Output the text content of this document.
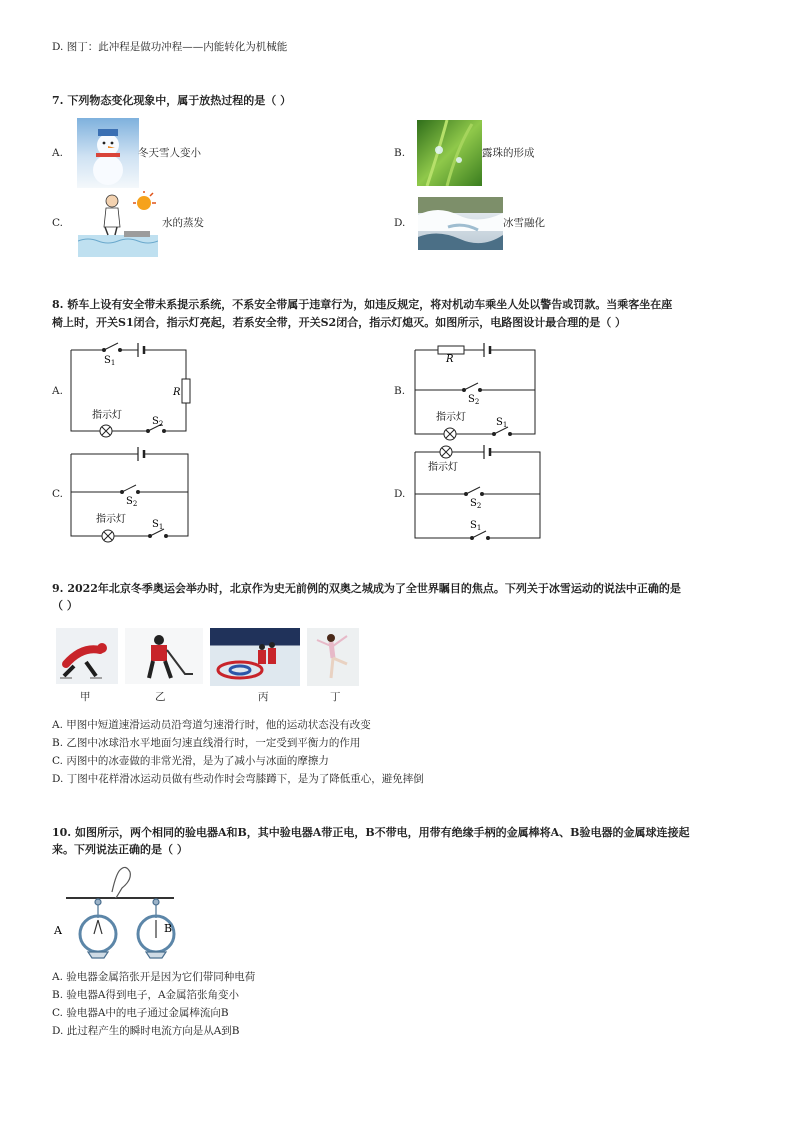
D. 图丁：此冲程是做功冲程——内能转化为机械能
7. 下列物态变化现象中，属于放热过程的是（ ）
A.	冬天雪人变小	B.	露珠的形成
C.	水的蒸发	D.	冰雪融化
8. 轿车上设有安全带未系提示系统，不系安全带属于违章行为，如违反规定，将对机动车乘坐人处以警告或罚款。当乘客坐在座
椅上时，开关S1闭合，指示灯亮起，若系安全带，开关S2闭合，指示灯熄灭。如图所示，电路图设计最合理的是（ ）
A.	B.
C.	D.
$S_1$
R
指示灯
$S_2$
R
$S_2$
指示灯	$S_1$
$S_2$
指示灯	$S_1$
指示灯
$S_2$
$S_1$
9. 2022年北京冬季奥运会举办时，北京作为史无前例的双奥之城成为了全世界瞩目的焦点。下列关于冰雪运动的说法中正确的是
（ ）
甲	乙	丙	丁
A. 甲图中短道速滑运动员沿弯道匀速滑行时，他的运动状态没有改变
B. 乙图中冰球沿水平地面匀速直线滑行时，一定受到平衡力的作用
C. 丙图中的冰壶做的非常光滑，是为了减小与冰面的摩擦力
D. 丁图中花样滑冰运动员做有些动作时会弯膝蹲下，是为了降低重心，避免摔倒
10. 如图所示，两个相同的验电器A和B，其中验电器A带正电，B不带电，用带有绝缘手柄的金属棒将A、B验电器的金属球连接起
来。下列说法正确的是（ ）
A	B
A. 验电器金属箔张开是因为它们带同种电荷
B. 验电器A得到电子，A金属箔张角变小
C. 验电器A中的电子通过金属棒流向B
D. 此过程产生的瞬时电流方向是从A到B
